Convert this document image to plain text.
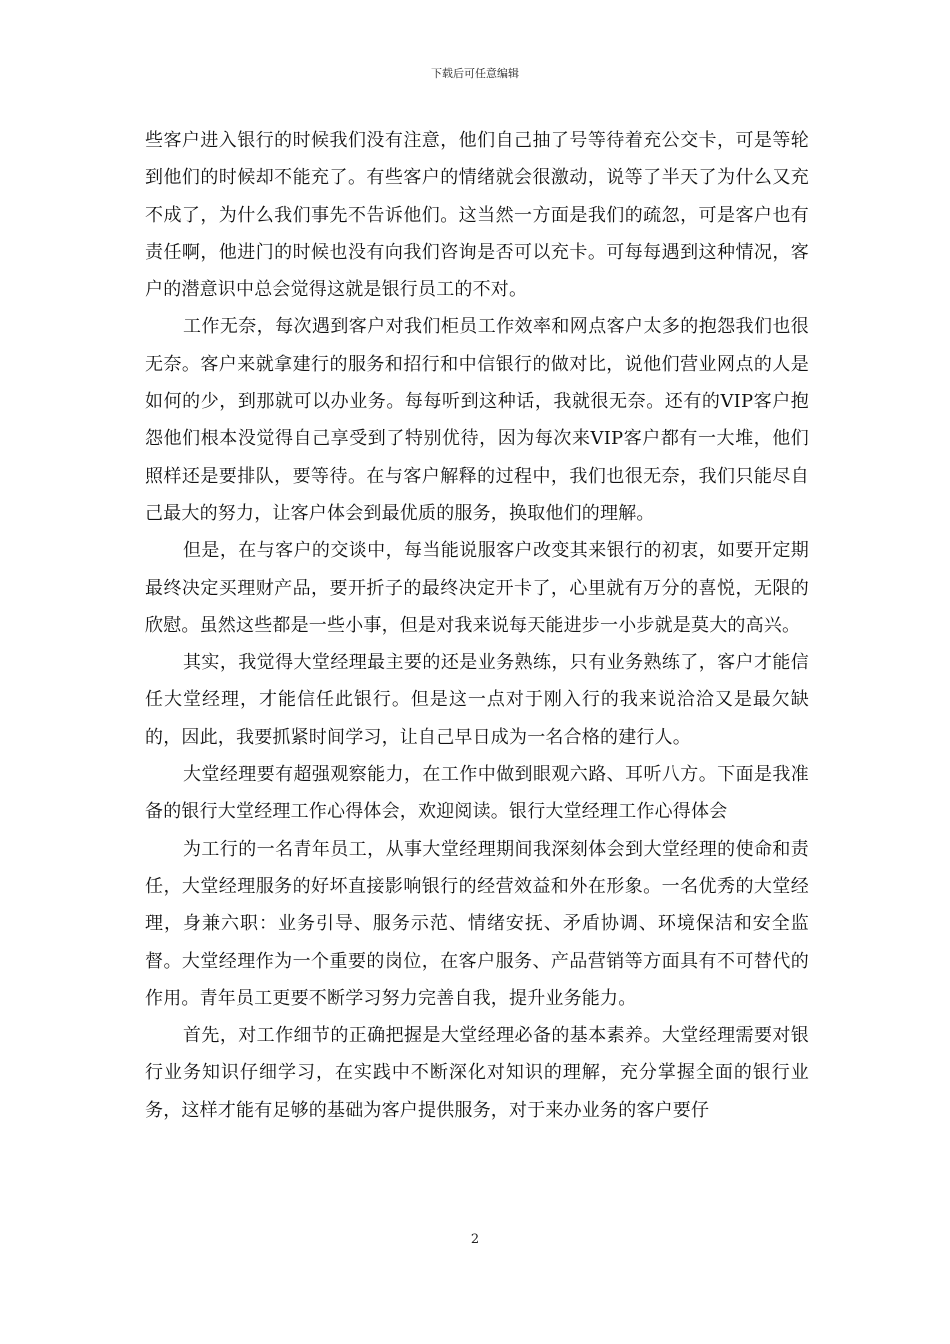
下载后可任意编辑

些客户进入银行的时候我们没有注意，他们自己抽了号等待着充公交卡，可是等轮到他们的时候却不能充了。有些客户的情绪就会很激动，说等了半天了为什么又充不成了，为什么我们事先不告诉他们。这当然一方面是我们的疏忽，可是客户也有责任啊，他进门的时候也没有向我们咨询是否可以充卡。可每每遇到这种情况，客户的潜意识中总会觉得这就是银行员工的不对。

工作无奈，每次遇到客户对我们柜员工作效率和网点客户太多的抱怨我们也很无奈。客户来就拿建行的服务和招行和中信银行的做对比，说他们营业网点的人是如何的少，到那就可以办业务。每每听到这种话，我就很无奈。还有的VIP客户抱怨他们根本没觉得自己享受到了特别优待，因为每次来VIP客户都有一大堆，他们照样还是要排队，要等待。在与客户解释的过程中，我们也很无奈，我们只能尽自己最大的努力，让客户体会到最优质的服务，换取他们的理解。

但是，在与客户的交谈中，每当能说服客户改变其来银行的初衷，如要开定期最终决定买理财产品，要开折子的最终决定开卡了，心里就有万分的喜悦，无限的欣慰。虽然这些都是一些小事，但是对我来说每天能进步一小步就是莫大的高兴。

其实，我觉得大堂经理最主要的还是业务熟练，只有业务熟练了，客户才能信任大堂经理，才能信任此银行。但是这一点对于刚入行的我来说洽洽又是最欠缺的，因此，我要抓紧时间学习，让自己早日成为一名合格的建行人。

大堂经理要有超强观察能力，在工作中做到眼观六路、耳听八方。下面是我准备的银行大堂经理工作心得体会，欢迎阅读。银行大堂经理工作心得体会

为工行的一名青年员工，从事大堂经理期间我深刻体会到大堂经理的使命和责任，大堂经理服务的好坏直接影响银行的经营效益和外在形象。一名优秀的大堂经理，身兼六职：业务引导、服务示范、情绪安抚、矛盾协调、环境保洁和安全监督。大堂经理作为一个重要的岗位，在客户服务、产品营销等方面具有不可替代的作用。青年员工更要不断学习努力完善自我，提升业务能力。

首先，对工作细节的正确把握是大堂经理必备的基本素养。大堂经理需要对银行业务知识仔细学习，在实践中不断深化对知识的理解，充分掌握全面的银行业务，这样才能有足够的基础为客户提供服务，对于来办业务的客户要仔

2
